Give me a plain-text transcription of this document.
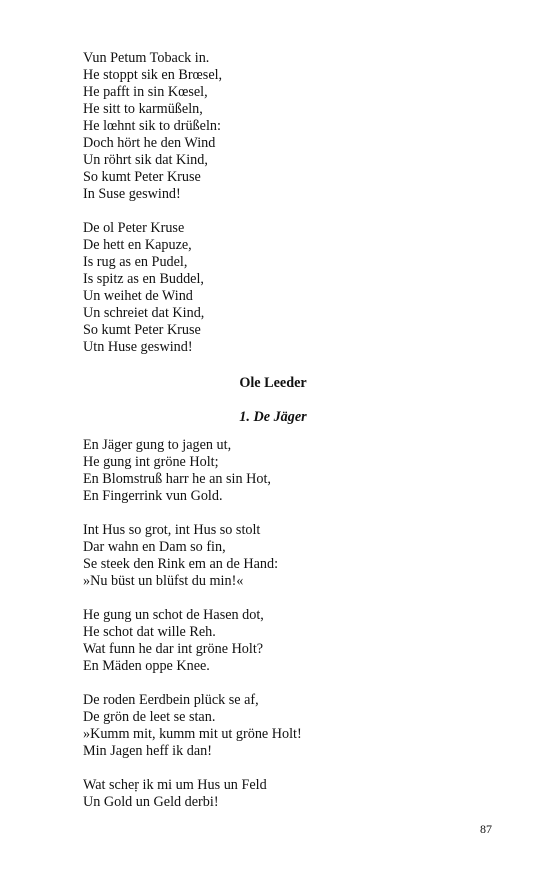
Vun Petum Toback in.
He stoppt sik en Brœsel,
He pafft in sin Kœsel,
He sitt to karmüßeln,
He lœhnt sik to drüßeln:
Doch hört he den Wind
Un röhrt sik dat Kind,
So kumt Peter Kruse
In Suse geswind!
De ol Peter Kruse
De hett en Kapuze,
Is rug as en Pudel,
Is spitz as en Buddel,
Un weihet de Wind
Un schreiet dat Kind,
So kumt Peter Kruse
Utn Huse geswind!
Ole Leeder
1. De Jäger
En Jäger gung to jagen ut,
He gung int gröne Holt;
En Blomstruß harr he an sin Hot,
En Fingerrink vun Gold.
Int Hus so grot, int Hus so stolt
Dar wahn en Dam so fin,
Se steek den Rink em an de Hand:
»Nu büst un blüfst du min!«
He gung un schot de Hasen dot,
He schot dat wille Reh.
Wat funn he dar int gröne Holt?
En Mäden oppe Knee.
De roden Eerdbein plück se af,
De grön de leet se stan.
»Kumm mit, kumm mit ut gröne Holt!
Min Jagen heff ik dan!
Wat scheṛ ik mi um Hus un Feld
Un Gold un Geld derbi!
87
